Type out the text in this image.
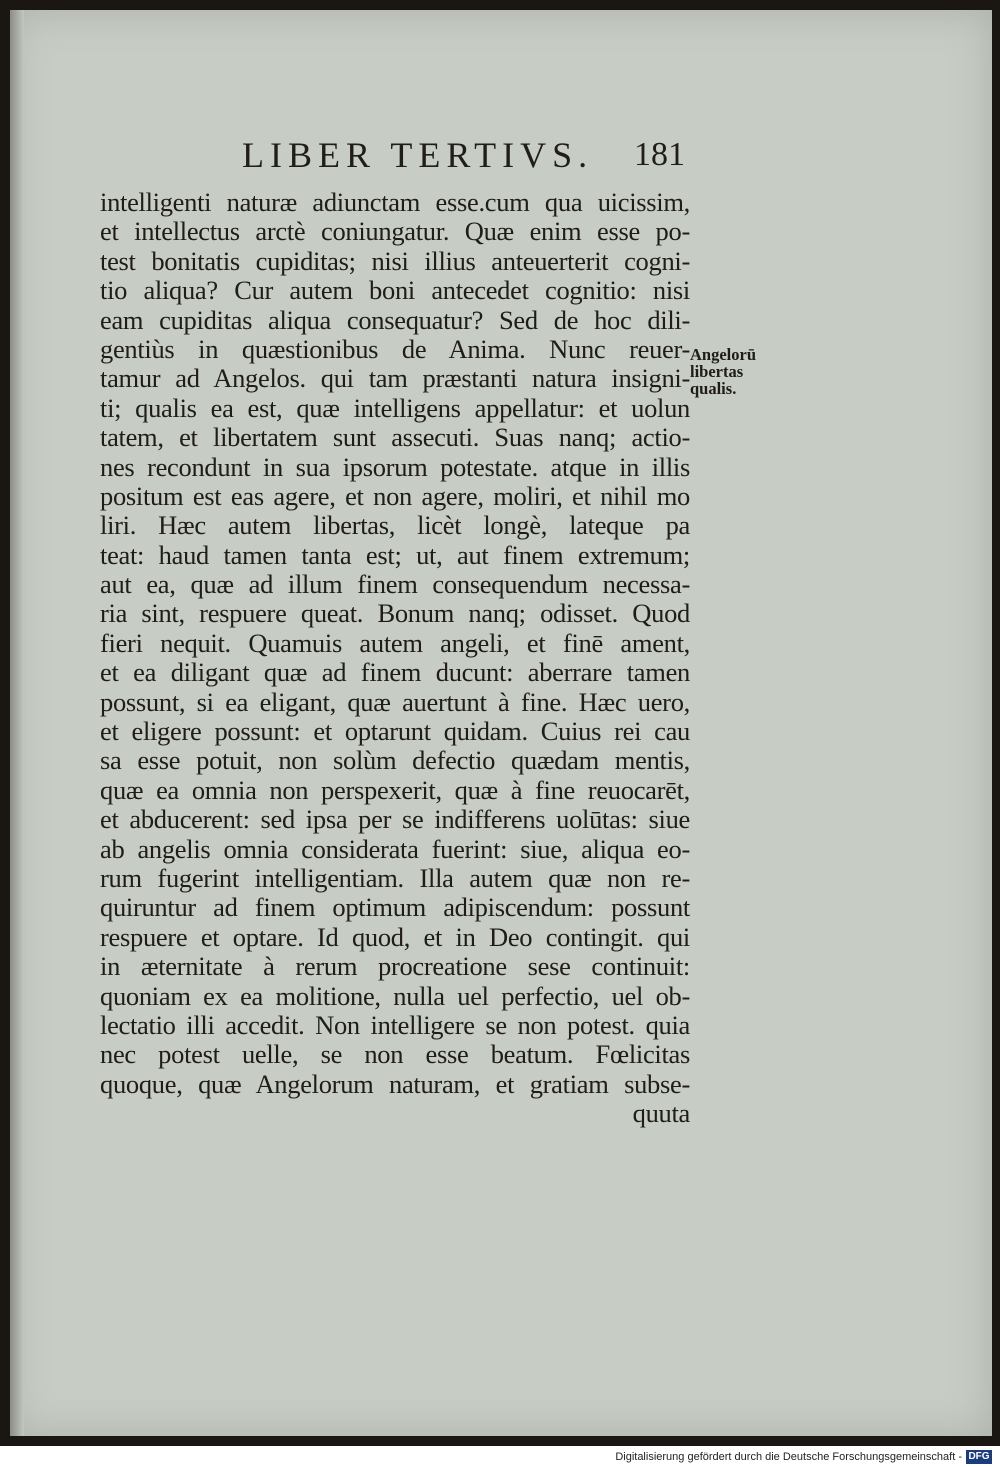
LIBER TERTIVS.	181
intelligenti naturæ adiunctam esse.cum qua uicissim,
et intellectus arctè coniungatur. Quæ enim esse po-
test bonitatis cupiditas; nisi illius anteuerterit cogni-
tio aliqua? Cur autem boni antecedet cognitio: nisi
eam cupiditas aliqua consequatur? Sed de hoc dili-
gentiùs in quæstionibus de Anima. Nunc reuer-
tamur ad Angelos. qui tam præstanti natura insigni-
ti; qualis ea est, quæ intelligens appellatur: et uolun
tatem, et libertatem sunt assecuti. Suas nanq; actio-
nes recondunt in sua ipsorum potestate. atque in illis
positum est eas agere, et non agere, moliri, et nihil mo
liri. Hæc autem libertas, licèt longè, lateque pa
teat: haud tamen tanta est; ut, aut finem extremum;
aut ea, quæ ad illum finem consequendum necessa-
ria sint, respuere queat. Bonum nanq; odisset. Quod
fieri nequit. Quamuis autem angeli, et finē ament,
et ea diligant quæ ad finem ducunt: aberrare tamen
possunt, si ea eligant, quæ auertunt à fine. Hæc uero,
et eligere possunt: et optarunt quidam. Cuius rei cau
sa esse potuit, non solùm defectio quædam mentis,
quæ ea omnia non perspexerit, quæ à fine reuocarēt,
et abducerent: sed ipsa per se indifferens uolūtas: siue
ab angelis omnia considerata fuerint: siue, aliqua eo-
rum fugerint intelligentiam. Illa autem quæ non re-
quiruntur ad finem optimum adipiscendum: possunt
respuere et optare. Id quod, et in Deo contingit. qui
in æternitate à rerum procreatione sese continuit:
quoniam ex ea molitione, nulla uel perfectio, uel ob-
lectatio illi accedit. Non intelligere se non potest. quia
nec potest uelle, se non esse beatum. Fœlicitas
quoque, quæ Angelorum naturam, et gratiam subse-
quuta
Angelorū
libertas
qualis.
Digitalisierung gefördert durch die Deutsche Forschungsgemeinschaft - DFG
